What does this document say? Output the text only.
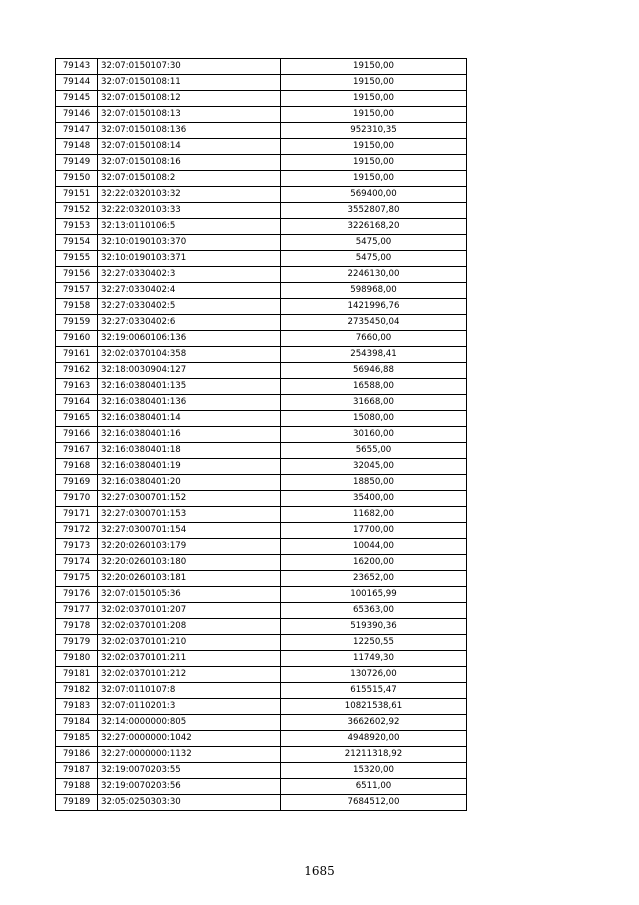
79143	32:07:0150107:30	19150,00
79144	32:07:0150108:11	19150,00
79145	32:07:0150108:12	19150,00
79146	32:07:0150108:13	19150,00
79147	32:07:0150108:136	952310,35
79148	32:07:0150108:14	19150,00
79149	32:07:0150108:16	19150,00
79150	32:07:0150108:2	19150,00
79151	32:22:0320103:32	569400,00
79152	32:22:0320103:33	3552807,80
79153	32:13:0110106:5	3226168,20
79154	32:10:0190103:370	5475,00
79155	32:10:0190103:371	5475,00
79156	32:27:0330402:3	2246130,00
79157	32:27:0330402:4	598968,00
79158	32:27:0330402:5	1421996,76
79159	32:27:0330402:6	2735450,04
79160	32:19:0060106:136	7660,00
79161	32:02:0370104:358	254398,41
79162	32:18:0030904:127	56946,88
79163	32:16:0380401:135	16588,00
79164	32:16:0380401:136	31668,00
79165	32:16:0380401:14	15080,00
79166	32:16:0380401:16	30160,00
79167	32:16:0380401:18	5655,00
79168	32:16:0380401:19	32045,00
79169	32:16:0380401:20	18850,00
79170	32:27:0300701:152	35400,00
79171	32:27:0300701:153	11682,00
79172	32:27:0300701:154	17700,00
79173	32:20:0260103:179	10044,00
79174	32:20:0260103:180	16200,00
79175	32:20:0260103:181	23652,00
79176	32:07:0150105:36	100165,99
79177	32:02:0370101:207	65363,00
79178	32:02:0370101:208	519390,36
79179	32:02:0370101:210	12250,55
79180	32:02:0370101:211	11749,30
79181	32:02:0370101:212	130726,00
79182	32:07:0110107:8	615515,47
79183	32:07:0110201:3	10821538,61
79184	32:14:0000000:805	3662602,92
79185	32:27:0000000:1042	4948920,00
79186	32:27:0000000:1132	21211318,92
79187	32:19:0070203:55	15320,00
79188	32:19:0070203:56	6511,00
79189	32:05:0250303:30	7684512,00
1685
